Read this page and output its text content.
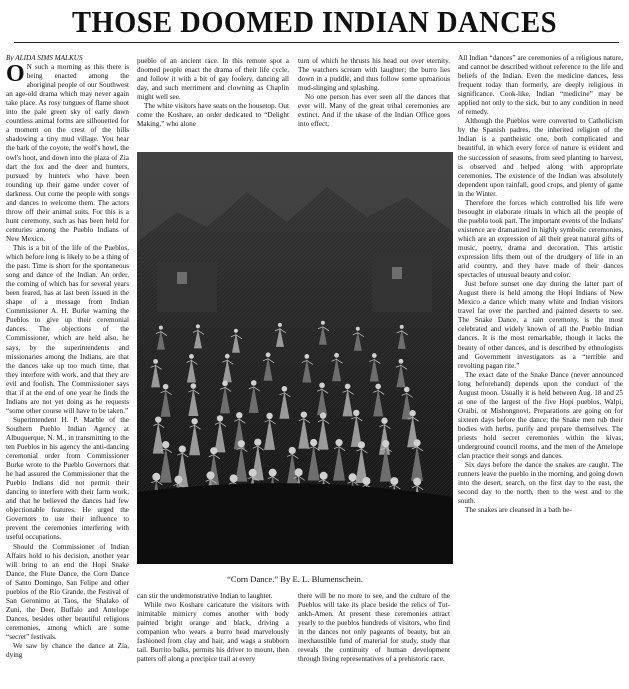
THOSE DOOMED INDIAN DANCES

By ALIDA SIMS MALKUS

O N such a morning as this there is being enacted among the aboriginal people of our Southwest an age-old drama which may never again take place. As rosy tongues of flame shoot into the pale green sky of early dawn countless animal forms are silhouetted for a moment on the crest of the hills shadowing a tiny mud village. You hear the bark of the coyote, the wolf's howl, the owl's hoot, and down into the plaza of Zia dart the fox and the deer and hunters, pursued by hunters who have been rounding up their game under cover of darkness. Out come the people with songs and dances to welcome them. The actors throw off their animal suits. For this is a hunt ceremony, such as has been held for centuries among the Pueblo Indians of New Mexico.

This is a bit of the life of the Pueblos, which before long is likely to be a thing of the past. Time is short for the spontaneous song and dance of the Indian. An order, the coming of which has for several years been feared, has at last been issued in the shape of a message from Indian Commissioner A. H. Burke warning the Pueblos to give up their ceremonial dances. The objections of the Commissioner, which are held also, he says, by the superintendents and missionaries among the Indians, are that the dances take up too much time, that they interfere with work, and that they are evil and foolish. The Commissioner says that if at the end of one year he finds the Indians are not yet doing as he requests “some other course will have to be taken.”

Superintendent H. P. Marble of the Southern Pueblo Indian Agency at Albuquerque, N. M., in transmitting to the ten Pueblos in his agency the anti-dancing ceremonial order from Commissioner Burke wrote to the Pueblo Governors that he had assured the Commissioner that the Pueblo Indians did not permit their dancing to interfere with their farm work, and that he believed the dances had few objectionable features. He urged the Governors to use their influence to prevent the ceremonies interfering with useful occupations.

Should the Commissioner of Indian Affairs hold to his decision, another year will bring to an end the Hopi Snake Dance, the Flute Dance, the Corn Dance of Santo Domingo, San Felipe and other pueblos of the Rio Grande, the Festival of San Geronimo at Taos, the Shalako of Zuni, the Deer, Buffalo and Antelope Dances, besides other beautiful religious ceremonies, among which are some “secret” festivals.

We saw by chance the dance at Zia, dying

pueblo of an ancient race. In this remote spot a doomed people enact the drama of their life cycle, and follow it with a bit of gay foolery, dancing all day, and such merriment and clowning as Chaplin might well see.

The white visitors have seats on the housetop. Out come the Koshare, an order dedicated to “Delight Making,” who alone

turn of which he thrusts his head out over eternity. The watchers scream with laughter; the burro lies down in a puddle, and thus follow some uproarious mud-slinging and splashing.

No one person has ever seen all the dances that ever will. Many of the great tribal ceremonies are extinct. And if the ukase of the Indian Office goes into effect,

All Indian “dances” are ceremonies of a religious nature, and cannot be described without reference to the life and beliefs of the Indian. Even the medicine dances, less frequent today than formerly, are deeply religious in significance. Cook-like, Indian “medicine” may be applied not only to the sick, but to any condition in need of remedy.

Although the Pueblos were converted to Catholicism by the Spanish padres, the inherited religion of the Indian is a pantheistic one, both complicated and beautiful, in which every force of nature is evident and the succession of seasons, from seed planting to harvest, is observed and helped along with appropriate ceremonies. The existence of the Indian was absolutely dependent upon rainfall, good crops, and plenty of game in the Winter.

Therefore the forces which controlled his life were besought in elaborate rituals in which all the people of the pueblo took part. The important events of the Indians' existence are dramatized in highly symbolic ceremonies, which are an expression of all their great natural gifts of music, poetry, drama and decoration. This artistic expression lifts them out of the drudgery of life in an arid country, and they have made of their dances spectacles of unusual beauty and color.

Just before sunset one day during the latter part of August there is held among the Hopi Indians of New Mexico a dance which many white and Indian visitors travel far over the parched and painted deserts to see. The Snake Dance, a rain ceremony, is the most celebrated and widely known of all the Pueblo Indian dances. It is the most remarkable, though it lacks the beauty of other dances, and is described by ethnologists and Government investigators as a “terrible and revolting pagan rite.”

The exact date of the Snake Dance (never announced long beforehand) depends upon the conduct of the August moon. Usually it is held between Aug. 18 and 25 at one of the largest of the five Hopi pueblos, Walpi, Oraibi, or Mishongnovi. Preparations are going on for sixteen days before the dance; the Snake men rub their bodies with herbs, purify and prepare themselves. The priests hold secret ceremonies within the kivas, underground council rooms, and the men of the Antelope clan practice their songs and dances.

Six days before the dance the snakes are caught. The runners leave the pueblo in the morning, and going down into the desert, search, on the first day to the east, the second day to the north, then to the west and to the south.

The snakes are cleansed in a bath be-

“Corn Dance.” By E. L. Blumenschein.

can stir the undemonstrative Indian to laughter.

While two Koshare caricature the visitors with inimitable mimicry comes another with body painted bright orange and black, driving a companion who wears a burro head marvelously fashioned from clay and hair, and wags a stubborn tail. Burrito balks, permits his driver to mount, then patters off along a precipice trail at every

there will be no more to see, and the culture of the Pueblos will take its place beside the relics of Tut-ankh-Amen. At present these ceremonies attract yearly to the pueblos hundreds of visitors, who find in the dances not only pageants of beauty, but an inexhaustible fund of material for study, study that reveals the continuity of human development through living representatives of a prehistoric race.
